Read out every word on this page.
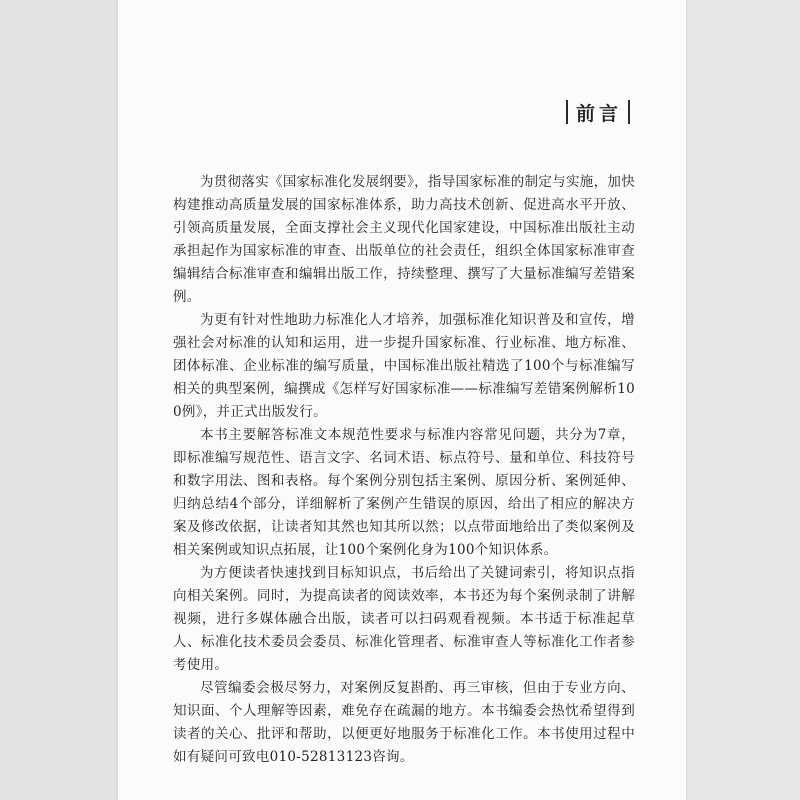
前言

为贯彻落实《国家标准化发展纲要》，指导国家标准的制定与实施，加快构建推动高质量发展的国家标准体系，助力高技术创新、促进高水平开放、引领高质量发展，全面支撑社会主义现代化国家建设，中国标准出版社主动承担起作为国家标准的审查、出版单位的社会责任，组织全体国家标准审查编辑结合标准审查和编辑出版工作，持续整理、撰写了大量标准编写差错案例。

为更有针对性地助力标准化人才培养，加强标准化知识普及和宣传，增强社会对标准的认知和运用，进一步提升国家标准、行业标准、地方标准、团体标准、企业标准的编写质量，中国标准出版社精选了100个与标准编写相关的典型案例，编撰成《怎样写好国家标准——标准编写差错案例解析100例》，并正式出版发行。

本书主要解答标准文本规范性要求与标准内容常见问题，共分为7章，即标准编写规范性、语言文字、名词术语、标点符号、量和单位、科技符号和数字用法、图和表格。每个案例分别包括主案例、原因分析、案例延伸、归纳总结4个部分，详细解析了案例产生错误的原因，给出了相应的解决方案及修改依据，让读者知其然也知其所以然；以点带面地给出了类似案例及相关案例或知识点拓展，让100个案例化身为100个知识体系。

为方便读者快速找到目标知识点，书后给出了关键词索引，将知识点指向相关案例。同时，为提高读者的阅读效率，本书还为每个案例录制了讲解视频，进行多媒体融合出版，读者可以扫码观看视频。本书适于标准起草人、标准化技术委员会委员、标准化管理者、标准审查人等标准化工作者参考使用。

尽管编委会极尽努力，对案例反复斟酌、再三审核，但由于专业方向、知识面、个人理解等因素，难免存在疏漏的地方。本书编委会热忱希望得到读者的关心、批评和帮助，以便更好地服务于标准化工作。本书使用过程中如有疑问可致电010-52813123咨询。
